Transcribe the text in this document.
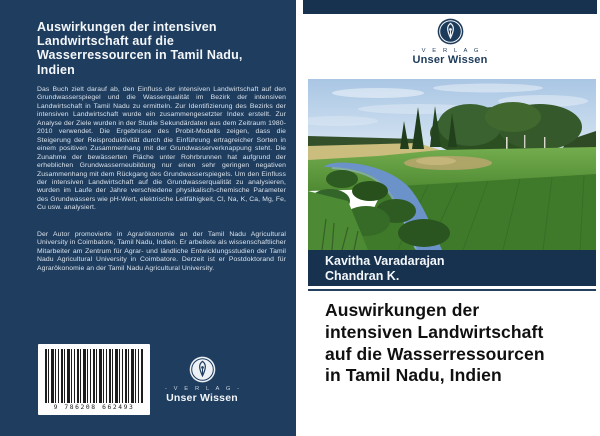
Auswirkungen der intensiven
Landwirtschaft auf die
Wasserressourcen in Tamil Nadu,
Indien
Das Buch zielt darauf ab, den Einfluss der intensiven Landwirtschaft auf den Grundwasserspiegel und die Wasserqualität im Bezirk der intensiven Landwirtschaft in Tamil Nadu zu ermitteln. Zur Identifizierung des Bezirks der intensiven Landwirtschaft wurde ein zusammengesetzter Index erstellt. Zur Analyse der Ziele wurden in der Studie Sekundärdaten aus dem Zeitraum 1980-2010 verwendet. Die Ergebnisse des Probit-Modells zeigen, dass die Steigerung der Reisproduktivität durch die Einführung ertragreicher Sorten in einem positiven Zusammenhang mit der Grundwasserverknappung steht. Die Zunahme der bewässerten Fläche unter Rohrbrunnen hat aufgrund der erheblichen Grundwasserneubildung nur einen sehr geringen negativen Zusammenhang mit dem Rückgang des Grundwasserspiegels. Um den Einfluss der intensiven Landwirtschaft auf die Grundwasserqualität zu analysieren, wurden im Laufe der Jahre verschiedene physikalisch-chemische Parameter des Grundwassers wie pH-Wert, elektrische Leitfähigkeit, Cl, Na, K, Ca, Mg, Fe, Cu usw. analysiert.
Der Autor promovierte in Agrarökonomie an der Tamil Nadu Agricultural University in Coimbatore, Tamil Nadu, Indien. Er arbeitete als wissenschaftlicher Mitarbeiter am Zentrum für Agrar- und ländliche Entwicklungsstudien der Tamil Nadu Agricultural University in Coimbatore. Derzeit ist er Postdoktorand für Agrarökonomie an der Tamil Nadu Agricultural University.
9 786208 662493
- V E R L A G -
Unser Wissen
- V E R L A G -
Unser Wissen
Kavitha Varadarajan
Chandran K.
Auswirkungen der
intensiven Landwirtschaft
auf die Wasserressourcen
in Tamil Nadu, Indien
